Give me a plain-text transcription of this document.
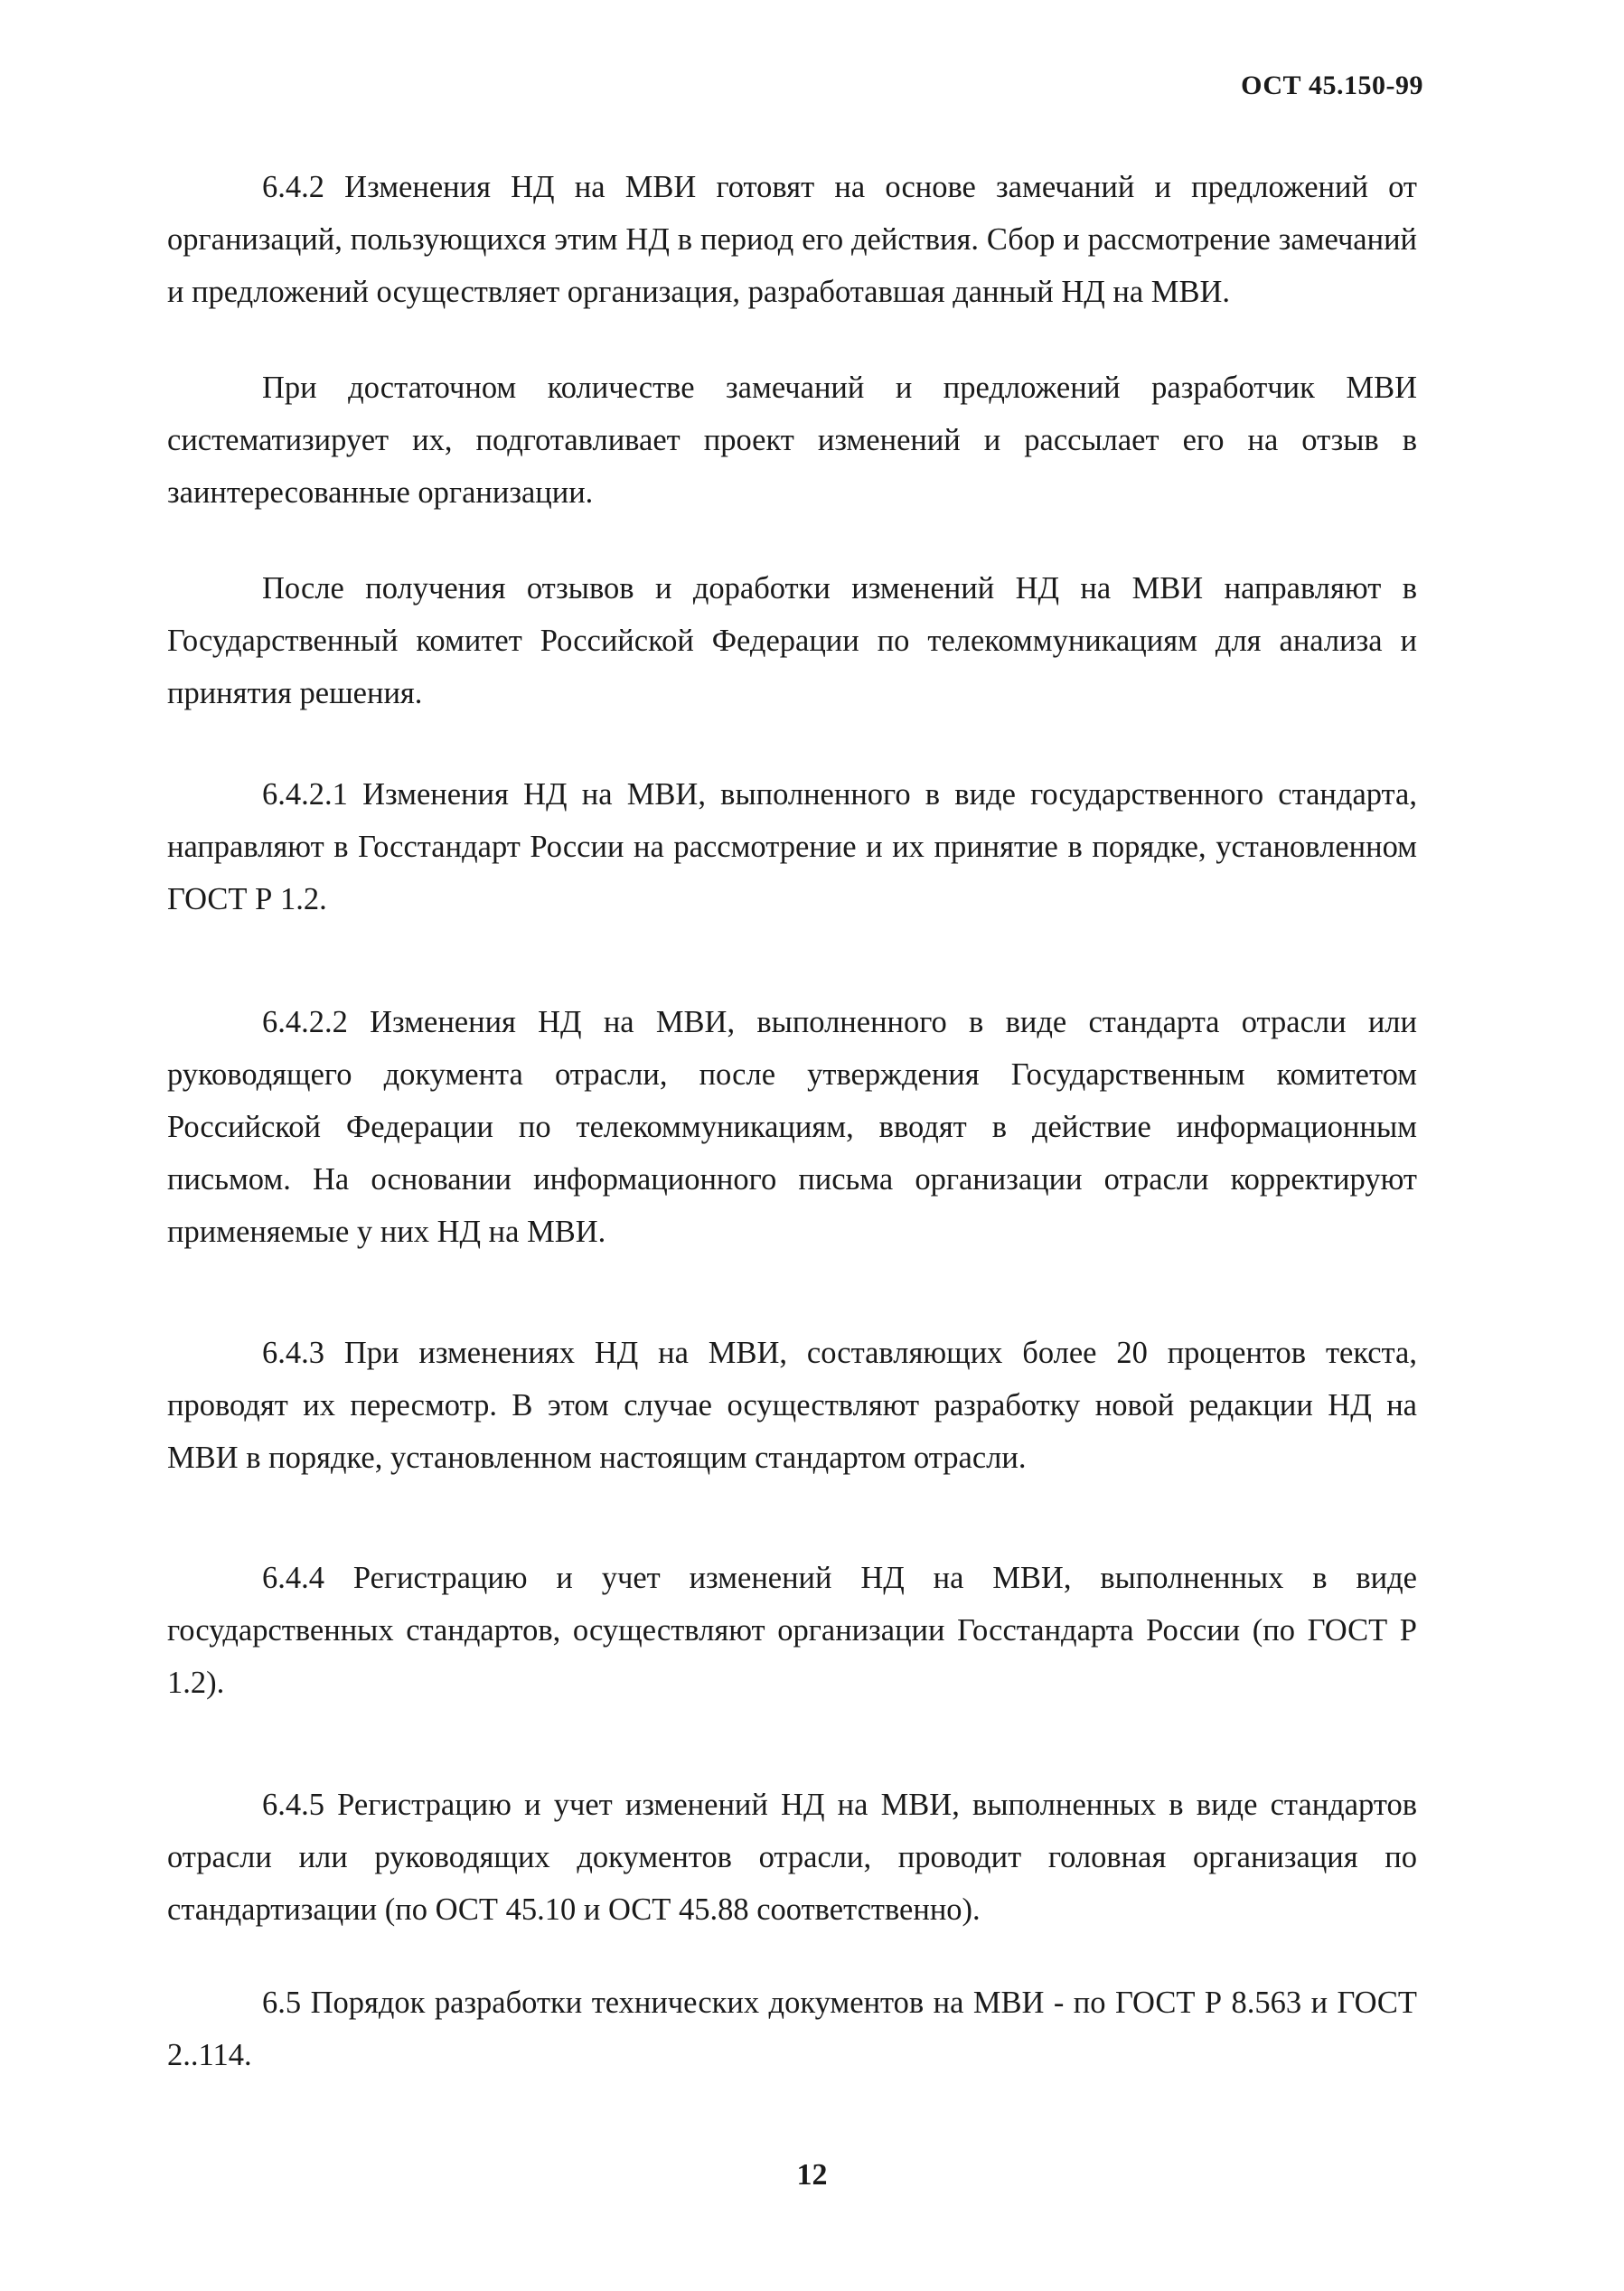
ОСТ 45.150-99

6.4.2 Изменения НД на МВИ готовят на основе замечаний и предложений от организаций, пользующихся этим НД в период его действия. Сбор и рассмотрение замечаний и предложений осуществляет организация, разработавшая данный НД на МВИ.

При достаточном количестве замечаний и предложений разработчик МВИ систематизирует их, подготавливает проект изменений и рассылает его на отзыв в заинтересованные организации.

После получения отзывов и доработки изменений НД на МВИ направляют в Государственный комитет Российской Федерации по телекоммуникациям для анализа и принятия решения.

6.4.2.1 Изменения НД на МВИ, выполненного в виде государственного стандарта, направляют в Госстандарт России на рассмотрение и их принятие в порядке, установленном ГОСТ Р 1.2.

6.4.2.2 Изменения НД на МВИ, выполненного в виде стандарта отрасли или руководящего документа отрасли, после утверждения Государственным комитетом Российской Федерации по телекоммуникациям, вводят в действие информационным письмом. На основании информационного письма организации отрасли корректируют применяемые у них НД на МВИ.

6.4.3 При изменениях НД на МВИ, составляющих более 20 процентов текста, проводят их пересмотр. В этом случае осуществляют разработку новой редакции НД на МВИ в порядке, установленном настоящим стандартом отрасли.

6.4.4 Регистрацию и учет изменений НД на МВИ, выполненных в виде государственных стандартов, осуществляют организации Госстандарта России (по ГОСТ Р 1.2).

6.4.5 Регистрацию и учет изменений НД на МВИ, выполненных в виде стандартов отрасли или руководящих документов отрасли, проводит головная организация по стандартизации (по ОСТ 45.10 и ОСТ 45.88 соответственно).

6.5 Порядок разработки технических документов на МВИ - по ГОСТ Р 8.563 и ГОСТ 2..114.

12
